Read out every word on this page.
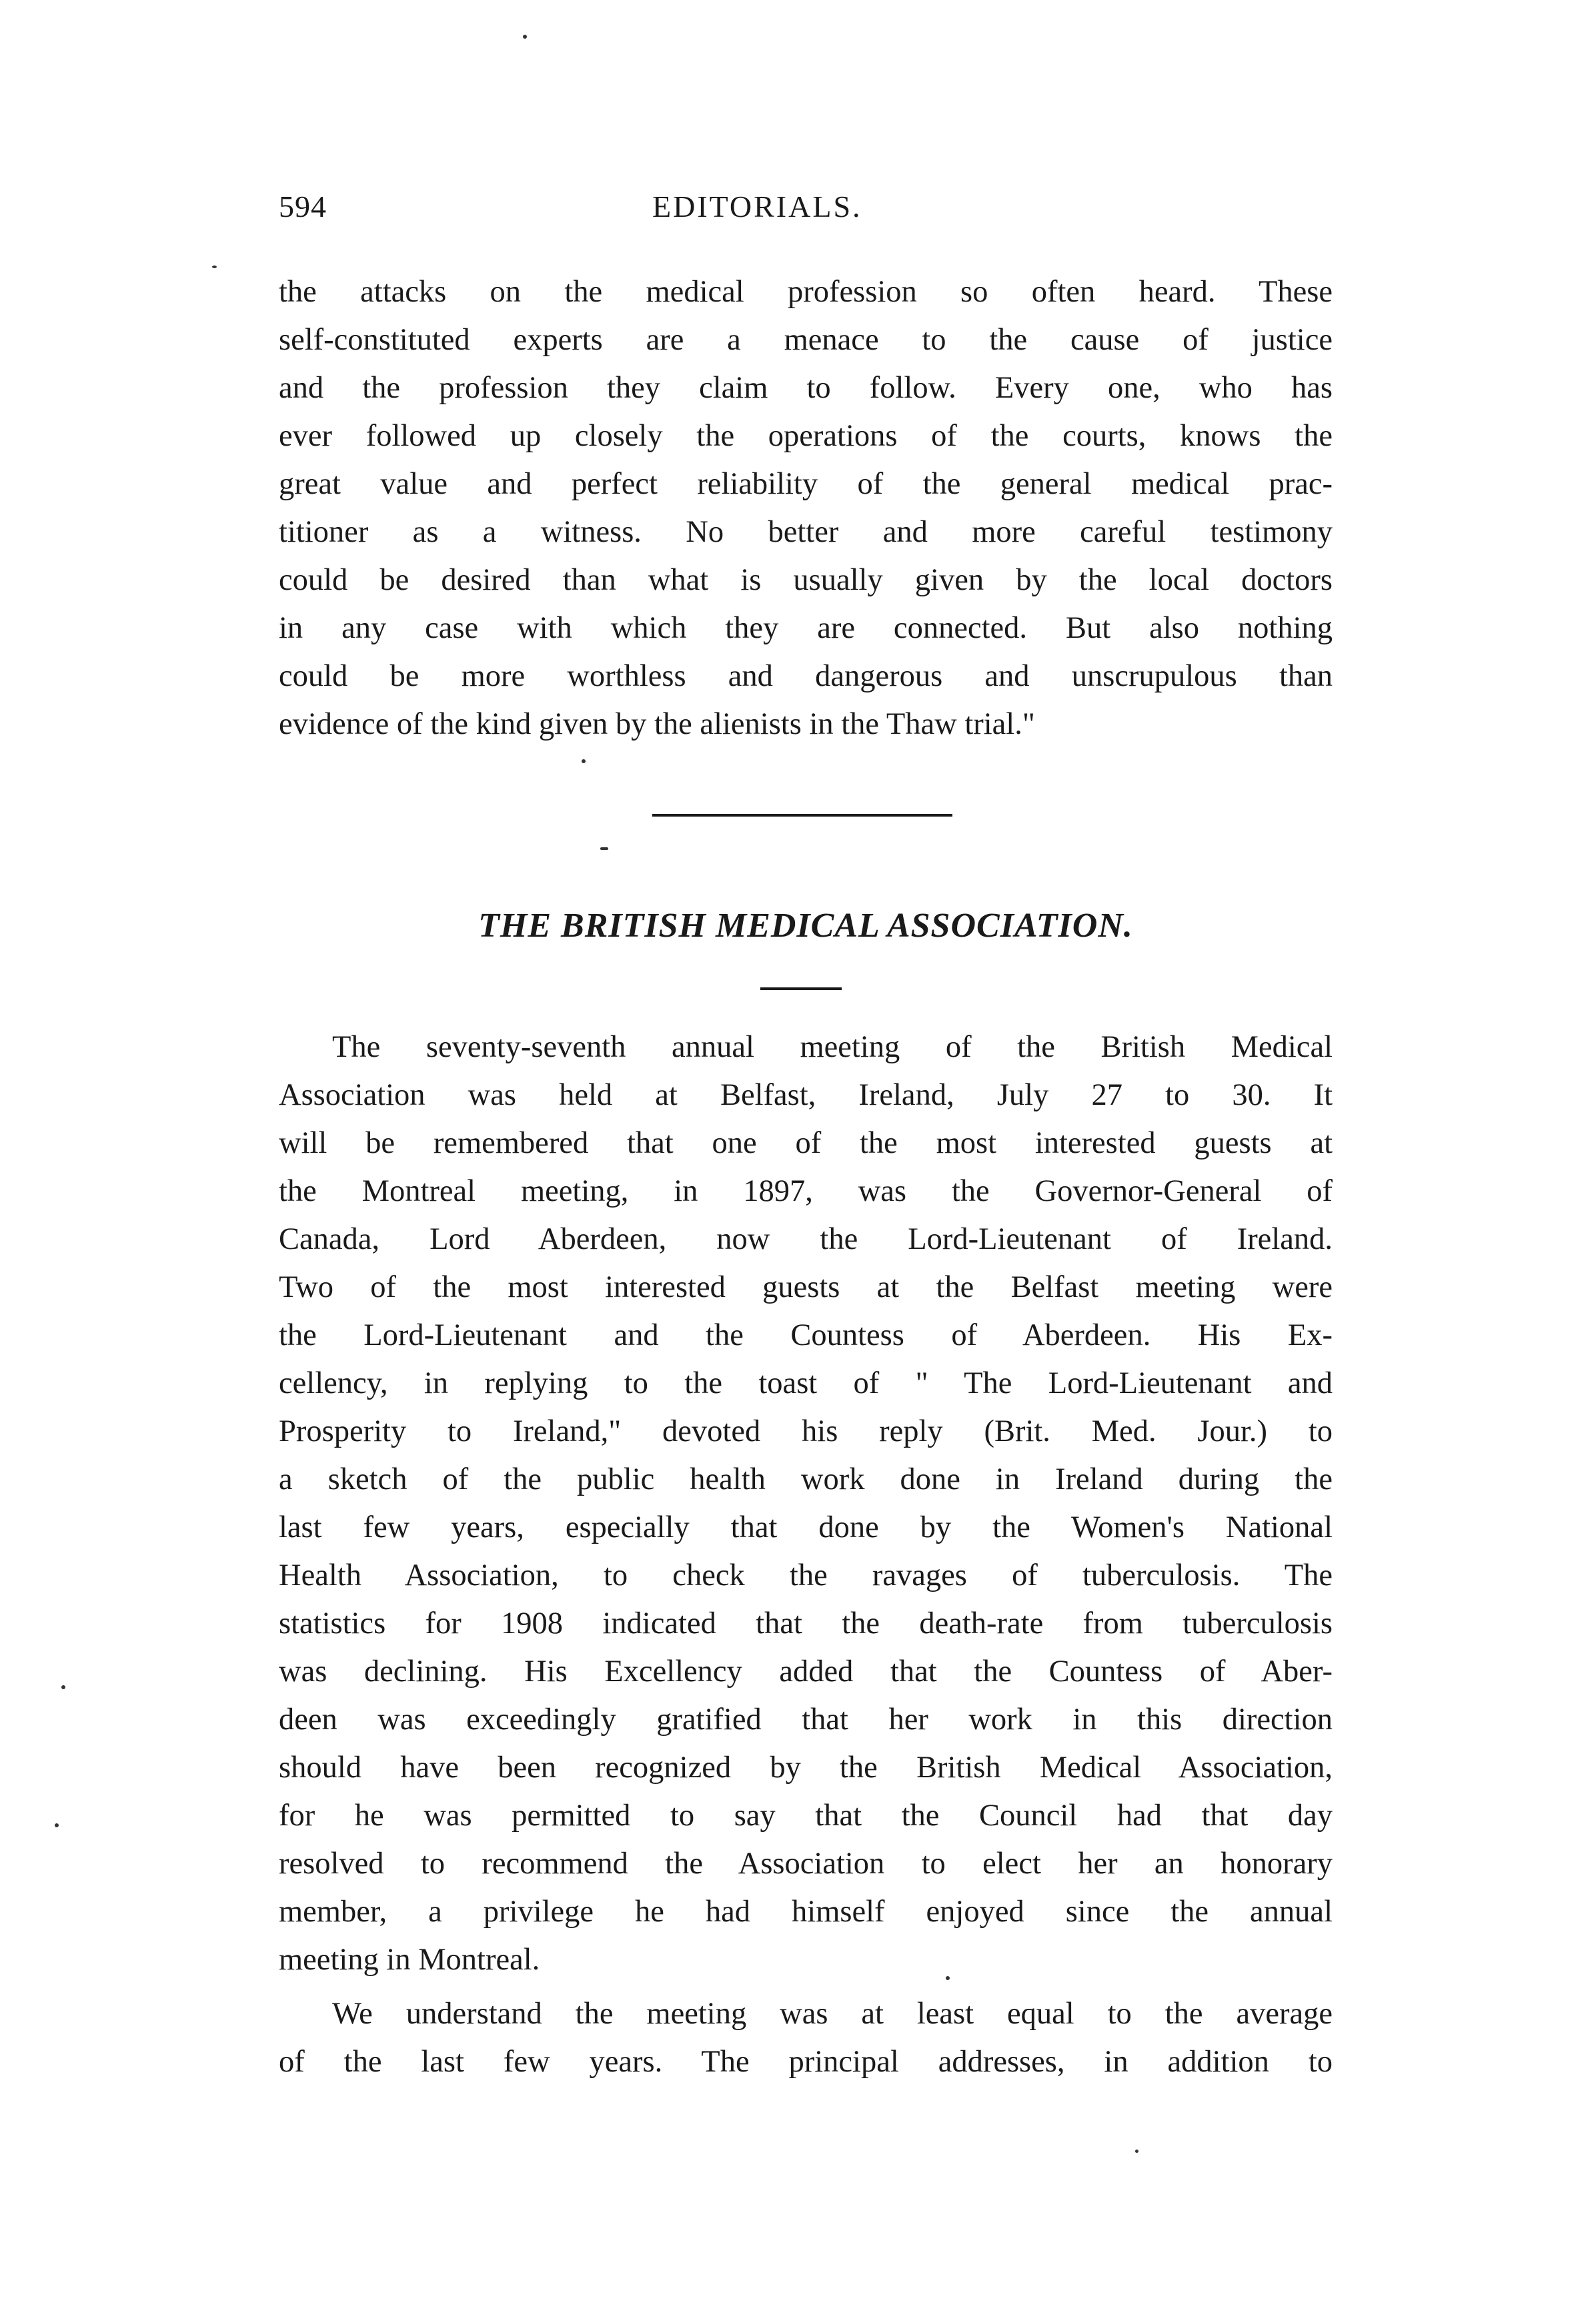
594	EDITORIALS.
the attacks on the medical profession so often heard. These
self-constituted experts are a menace to the cause of justice
and the profession they claim to follow. Every one, who has
ever followed up closely the operations of the courts, knows the
great value and perfect reliability of the general medical prac-
titioner as a witness. No better and more careful testimony
could be desired than what is usually given by the local doctors
in any case with which they are connected. But also nothing
could be more worthless and dangerous and unscrupulous than
evidence of the kind given by the alienists in the Thaw trial."
THE BRITISH MEDICAL ASSOCIATION.
The seventy-seventh annual meeting of the British Medical
Association was held at Belfast, Ireland, July 27 to 30. It
will be remembered that one of the most interested guests at
the Montreal meeting, in 1897, was the Governor-General of
Canada, Lord Aberdeen, now the Lord-Lieutenant of Ireland.
Two of the most interested guests at the Belfast meeting were
the Lord-Lieutenant and the Countess of Aberdeen. His Ex-
cellency, in replying to the toast of " The Lord-Lieutenant and
Prosperity to Ireland," devoted his reply (Brit. Med. Jour.) to
a sketch of the public health work done in Ireland during the
last few years, especially that done by the Women's National
Health Association, to check the ravages of tuberculosis. The
statistics for 1908 indicated that the death-rate from tuberculosis
was declining. His Excellency added that the Countess of Aber-
deen was exceedingly gratified that her work in this direction
should have been recognized by the British Medical Association,
for he was permitted to say that the Council had that day
resolved to recommend the Association to elect her an honorary
member, a privilege he had himself enjoyed since the annual
meeting in Montreal.
We understand the meeting was at least equal to the average
of the last few years. The principal addresses, in addition to
